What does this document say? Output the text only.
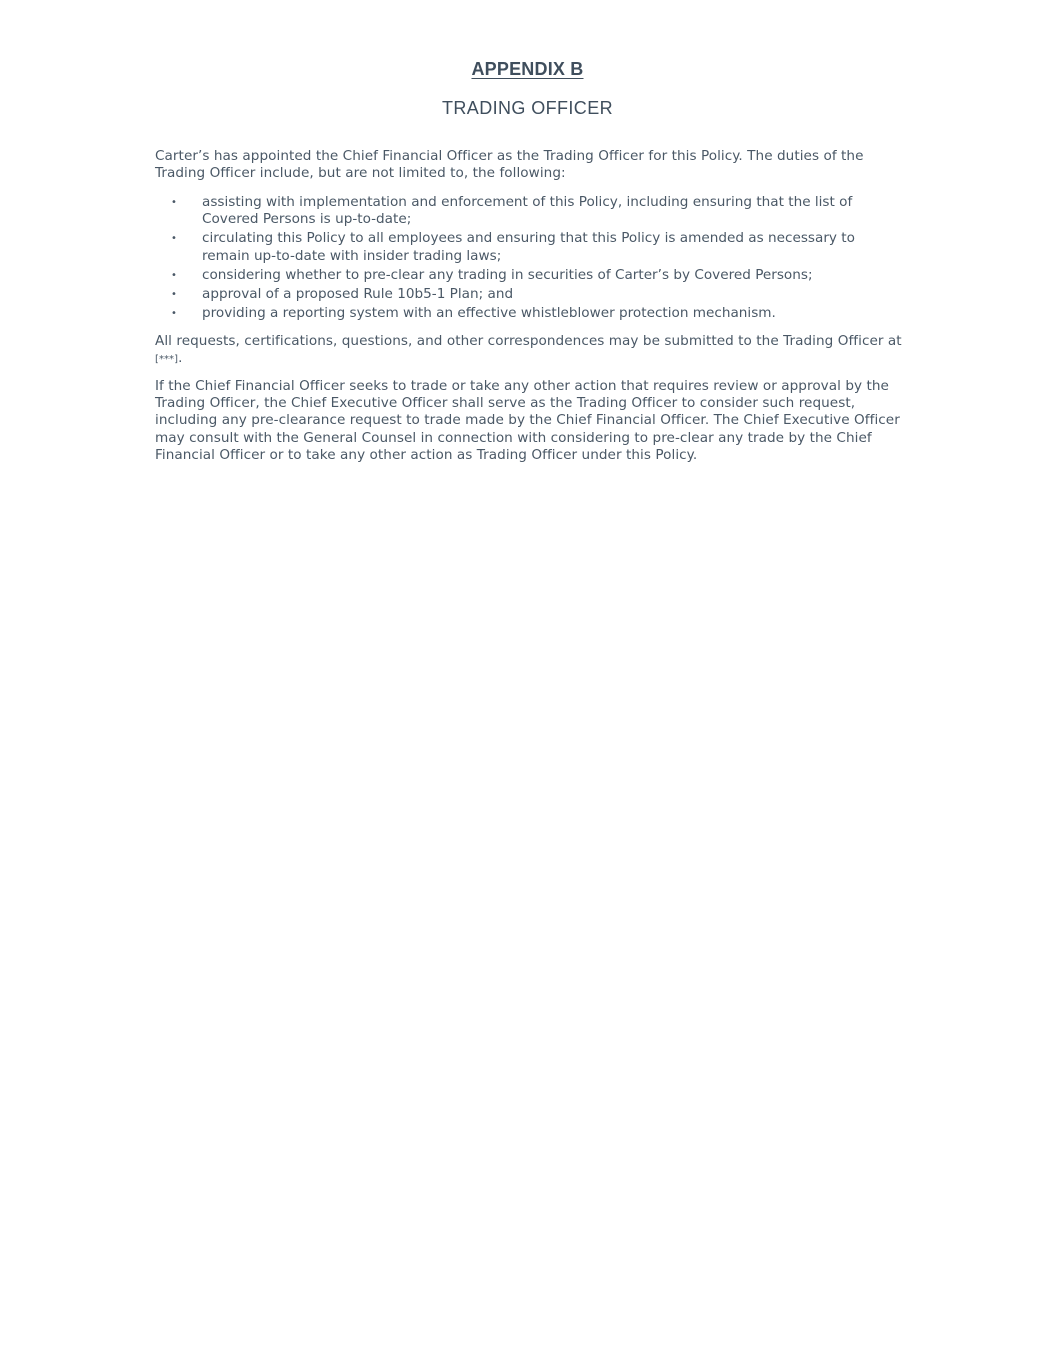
APPENDIX B
TRADING OFFICER
Carter’s has appointed the Chief Financial Officer as the Trading Officer for this Policy. The duties of the Trading Officer include, but are not limited to, the following:
• assisting with implementation and enforcement of this Policy, including ensuring that the list of Covered Persons is up-to-date;
• circulating this Policy to all employees and ensuring that this Policy is amended as necessary to remain up-to-date with insider trading laws;
• considering whether to pre-clear any trading in securities of Carter’s by Covered Persons;
• approval of a proposed Rule 10b5-1 Plan; and
• providing a reporting system with an effective whistleblower protection mechanism.
All requests, certifications, questions, and other correspondences may be submitted to the Trading Officer at [***].
If the Chief Financial Officer seeks to trade or take any other action that requires review or approval by the Trading Officer, the Chief Executive Officer shall serve as the Trading Officer to consider such request, including any pre-clearance request to trade made by the Chief Financial Officer. The Chief Executive Officer may consult with the General Counsel in connection with considering to pre-clear any trade by the Chief Financial Officer or to take any other action as Trading Officer under this Policy.
